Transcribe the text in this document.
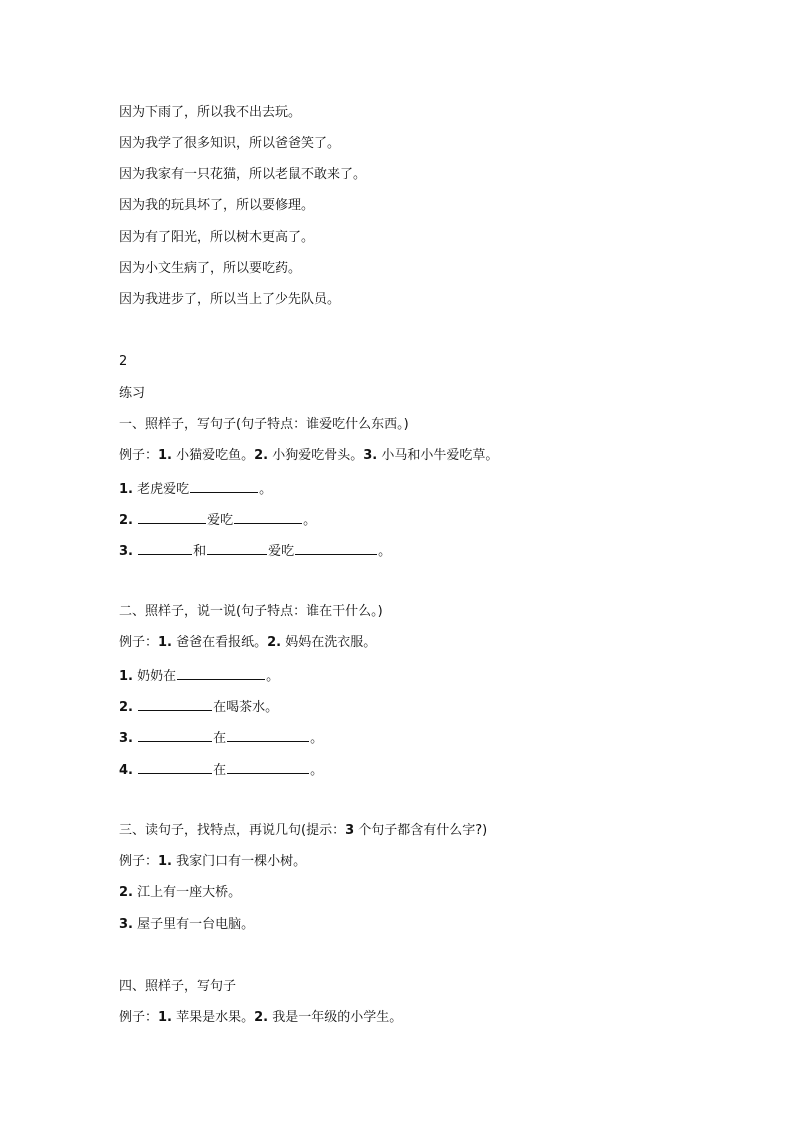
因为下雨了，所以我不出去玩。
因为我学了很多知识，所以爸爸笑了。
因为我家有一只花猫，所以老鼠不敢来了。
因为我的玩具坏了，所以要修理。
因为有了阳光，所以树木更高了。
因为小文生病了，所以要吃药。
因为我进步了，所以当上了少先队员。
2
练习
一、照样子，写句子(句子特点：谁爱吃什么东西。)
例子：1. 小猫爱吃鱼。2. 小狗爱吃骨头。3. 小马和小牛爱吃草。
1. 老虎爱吃	。
2.	爱吃	。
3.	和	爱吃	。
二、照样子，说一说(句子特点：谁在干什么。)
例子：1. 爸爸在看报纸。2. 妈妈在洗衣服。
1. 奶奶在	。
2.	在喝茶水。
3.	在	。
4.	在	。
三、读句子，找特点，再说几句(提示：3 个句子都含有什么字?)
例子：1. 我家门口有一棵小树。
2. 江上有一座大桥。
3. 屋子里有一台电脑。
四、照样子，写句子
例子：1. 苹果是水果。2. 我是一年级的小学生。
